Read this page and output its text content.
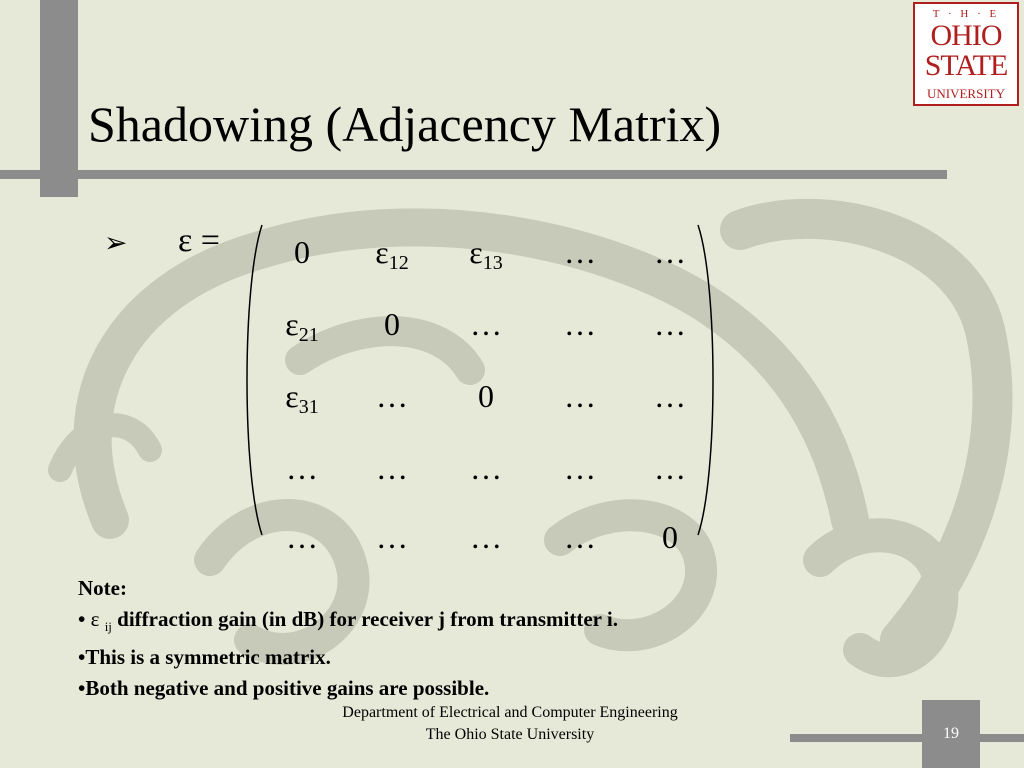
Shadowing (Adjacency Matrix)
T · H · E
OHIO
STATE
UNIVERSITY
➢ ε =	0	$\varepsilon_{12}$	$\varepsilon_{13}$	…	…
$\varepsilon_{21}$	0	…	…	…
$\varepsilon_{31}$	…	0	…	…
…	…	…	…	…
…	…	…	…	0
Note:
• ε $_{ij}$ diffraction gain (in dB) for receiver j from transmitter i.
•This is a symmetric matrix.
•Both negative and positive gains are possible.
Department of Electrical and Computer Engineering
The Ohio State University	19
